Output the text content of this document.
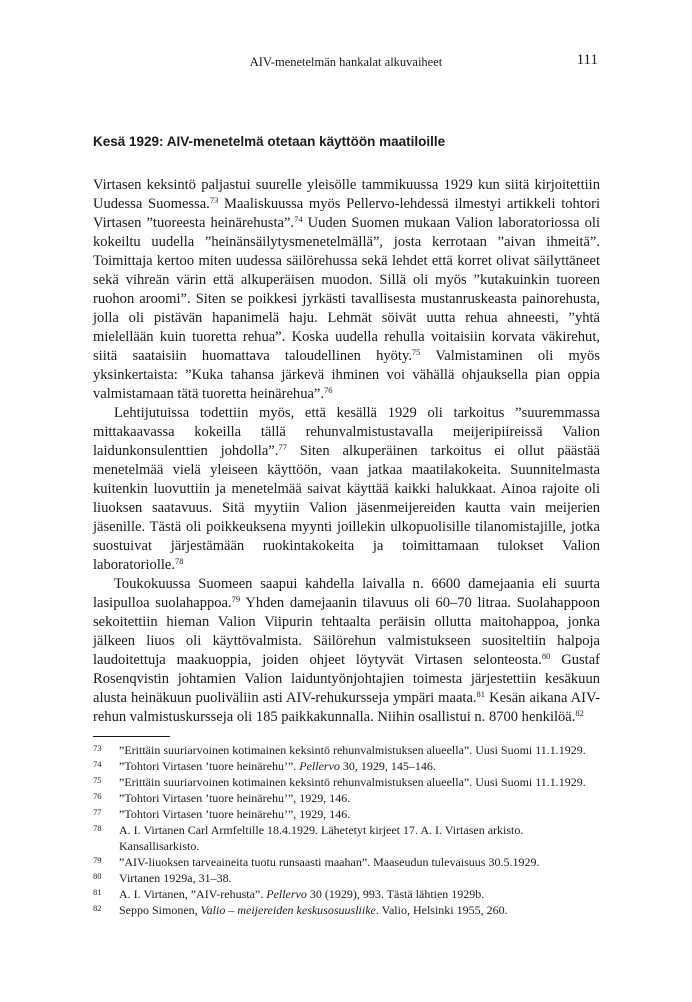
AIV-menetelmän hankalat alkuvaiheet	111
Kesä 1929: AIV-menetelmä otetaan käyttöön maatiloille

Virtasen keksintö paljastui suurelle yleisölle tammikuussa 1929 kun siitä kirjoitettiin Uudessa Suomessa.$^{73}$ Maaliskuussa myös Pellervo-lehdessä ilmestyi artikkeli tohtori Virtasen ”tuoreesta heinärehusta”.$^{74}$ Uuden Suomen mukaan Valion laboratoriossa oli kokeiltu uudella ”heinänsäilytysmenetelmällä”, josta kerrotaan ”aivan ihmeitä”. Toimittaja kertoo miten uudessa säilörehussa sekä lehdet että korret olivat säilyttäneet sekä vihreän värin että alkuperäisen muodon. Sillä oli myös ”kutakuinkin tuoreen ruohon aroomi”. Siten se poikkesi jyrkästi tavallisesta mustanruskeasta painorehusta, jolla oli pistävän hapanimelä haju. Lehmät söivät uutta rehua ahneesti, ”yhtä mielellään kuin tuoretta rehua”. Koska uudella rehulla voitaisiin korvata väkirehut, siitä saataisiin huomattava taloudellinen hyöty.$^{75}$ Valmistaminen oli myös yksinkertaista: ”Kuka tahansa järkevä ihminen voi vähällä ohjauksella pian oppia valmistamaan tätä tuoretta heinärehua”.$^{76}$

Lehtijutuissa todettiin myös, että kesällä 1929 oli tarkoitus ”suuremmassa mittakaavassa kokeilla tällä rehunvalmistustavalla meijeripiireissä Valion laidunkonsulenttien johdolla”.$^{77}$ Siten alkuperäinen tarkoitus ei ollut päästää menetelmää vielä yleiseen käyttöön, vaan jatkaa maatilakokeita. Suunnitelmasta kuitenkin luovuttiin ja menetelmää saivat käyttää kaikki halukkaat. Ainoa rajoite oli liuoksen saatavuus. Sitä myytiin Valion jäsenmeijereiden kautta vain meijerien jäsenille. Tästä oli poikkeuksena myynti joillekin ulkopuolisille tilanomistajille, jotka suostuivat järjestämään ruokintakokeita ja toimittamaan tulokset Valion laboratoriolle.$^{78}$

Toukokuussa Suomeen saapui kahdella laivalla n. 6600 damejaania eli suurta lasipulloa suolahappoa.$^{79}$ Yhden damejaanin tilavuus oli 60–70 litraa. Suolahappoon sekoitettiin hieman Valion Viipurin tehtaalta peräisin ollutta maitohappoa, jonka jälkeen liuos oli käyttövalmista. Säilörehun valmistukseen suositeltiin halpoja laudoitettuja maakuoppia, joiden ohjeet löytyvät Virtasen selonteosta.$^{80}$ Gustaf Rosenqvistin johtamien Valion laiduntyönjohtajien toimesta järjestettiin kesäkuun alusta heinäkuun puoliväliin asti AIV-rehukursseja ympäri maata.$^{81}$ Kesän aikana AIV-rehun valmistuskursseja oli 185 paikkakunnalla. Niihin osallistui n. 8700 henkilöä.$^{82}$

73	”Erittäin suuriarvoinen kotimainen keksintö rehunvalmistuksen alueella”. Uusi Suomi 11.1.1929.
74	”Tohtori Virtasen ’tuore heinärehu’”. Pellervo 30, 1929, 145–146.
75	”Erittäin suuriarvoinen kotimainen keksintö rehunvalmistuksen alueella”. Uusi Suomi 11.1.1929.
76	”Tohtori Virtasen ’tuore heinärehu’”, 1929, 146.
77	”Tohtori Virtasen ’tuore heinärehu’”, 1929, 146.
78	A. I. Virtanen Carl Armfeltille 18.4.1929. Lähetetyt kirjeet 17. A. I. Virtasen arkisto. Kansallisarkisto.
79	”AIV-liuoksen tarveaineita tuotu runsaasti maahan”. Maaseudun tulevaisuus 30.5.1929.
80	Virtanen 1929a, 31–38.
81	A. I. Virtanen, ”AIV-rehusta”. Pellervo 30 (1929), 993. Tästä lähtien 1929b.
82	Seppo Simonen, Valio – meijereiden keskusosuusliike. Valio, Helsinki 1955, 260.
